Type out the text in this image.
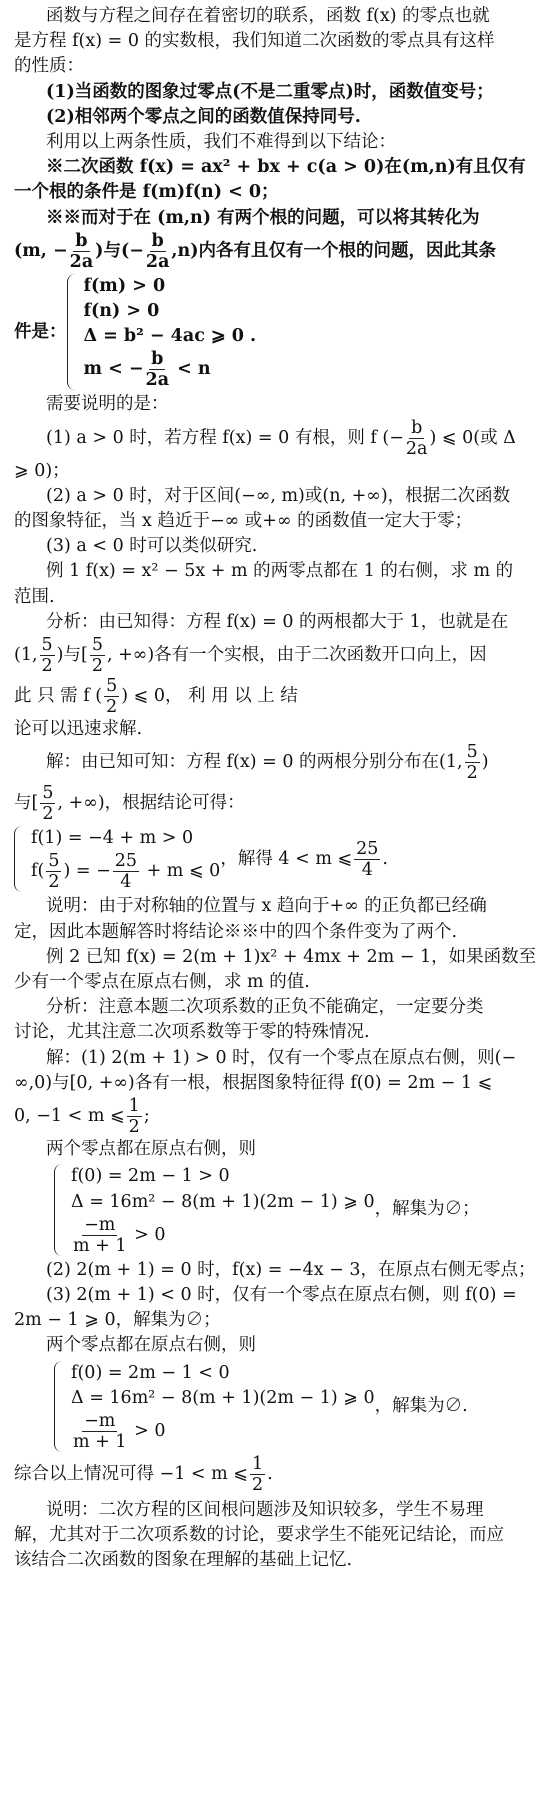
函数与方程之间存在着密切的联系，函数 f(x) 的零点也就
是方程 f(x) = 0 的实数根，我们知道二次函数的零点具有这样
的性质：
(1)当函数的图象过零点(不是二重零点)时，函数值变号；
(2)相邻两个零点之间的函数值保持同号.
利用以上两条性质，我们不难得到以下结论：
※二次函数 f(x) = ax² + bx + c(a > 0)在(m,n)有且仅有
一个根的条件是 f(m)f(n) < 0；
※※而对于在 (m,n) 有两个根的问题，可以将其转化为
(m, − $\frac{b}{2a}$ )与(− $\frac{b}{2a} ,n$)内各有且仅有一个根的问题，因此其条
件是：
f(m) > 0
f(n) > 0
Δ = b² − 4ac ⩾ 0 .
m < − $\frac{b}{2a} < n$
需要说明的是：
(1) a > 0 时，若方程 f(x) = 0 有根，则 f (− $\frac{b}{2a}$ ) ⩽ 0(或 Δ
⩾ 0)；
(2) a > 0 时，对于区间(−∞, m)或(n, +∞)，根据二次函数
的图象特征，当 x 趋近于−∞ 或+∞ 的函数值一定大于零；
(3) a < 0 时可以类似研究.
例 1 f(x) = x² − 5x + m 的两零点都在 1 的右侧，求 m 的
范围.
分析：由已知得：方程 f(x) = 0 的两根都大于 1，也就是在
(1, $\frac{5}{2}$ )与[ $\frac{5}{2}$ , +∞)各有一个实根，由于二次函数开口向上，因
此 只 需 f ( $\frac{5}{2}$ ) ⩽ 0， 利 用 以 上 结
论可以迅速求解.
解：由已知可知：方程 f(x) = 0 的两根分别分布在(1, $\frac{5}{2}$ )
与[ $\frac{5}{2}$ , +∞)，根据结论可得：
f(1) = −4 + m > 0
$f( \frac{5}{2}$ ) = − $\frac{25}{4} + m$ ⩽ 0
，解得 4 < m ⩽ $\frac{25}{4}$ .
说明：由于对称轴的位置与 x 趋向于+∞ 的正负都已经确
定，因此本题解答时将结论※※中的四个条件变为了两个.
例 2 已知 f(x) = 2(m + 1)x² + 4mx + 2m − 1，如果函数至
少有一个零点在原点右侧，求 m 的值.
分析：注意本题二次项系数的正负不能确定，一定要分类
讨论，尤其注意二次项系数等于零的特殊情况.
解：(1) 2(m + 1) > 0 时，仅有一个零点在原点右侧，则(−
∞,0)与[0, +∞)各有一根，根据图象特征得 f(0) = 2m − 1 ⩽
0, −1 < m ⩽ $\frac{1}{2}$ ;
两个零点都在原点右侧，则
f(0) = 2m − 1 > 0
Δ = 16m² − 8(m + 1)(2m − 1) ⩾ 0
$\frac{-m}{m + 1} > 0$
，解集为∅；
(2) 2(m + 1) = 0 时，f(x) = −4x − 3，在原点右侧无零点；
(3) 2(m + 1) < 0 时，仅有一个零点在原点右侧，则 f(0) =
2m − 1 ⩾ 0，解集为∅；
两个零点都在原点右侧，则
f(0) = 2m − 1 < 0
Δ = 16m² − 8(m + 1)(2m − 1) ⩾ 0
$\frac{-m}{m + 1} > 0$
，解集为∅.
综合以上情况可得 −1 < m ⩽ $\frac{1}{2}$ .
说明：二次方程的区间根问题涉及知识较多，学生不易理
解，尤其对于二次项系数的讨论，要求学生不能死记结论，而应
该结合二次函数的图象在理解的基础上记忆.
